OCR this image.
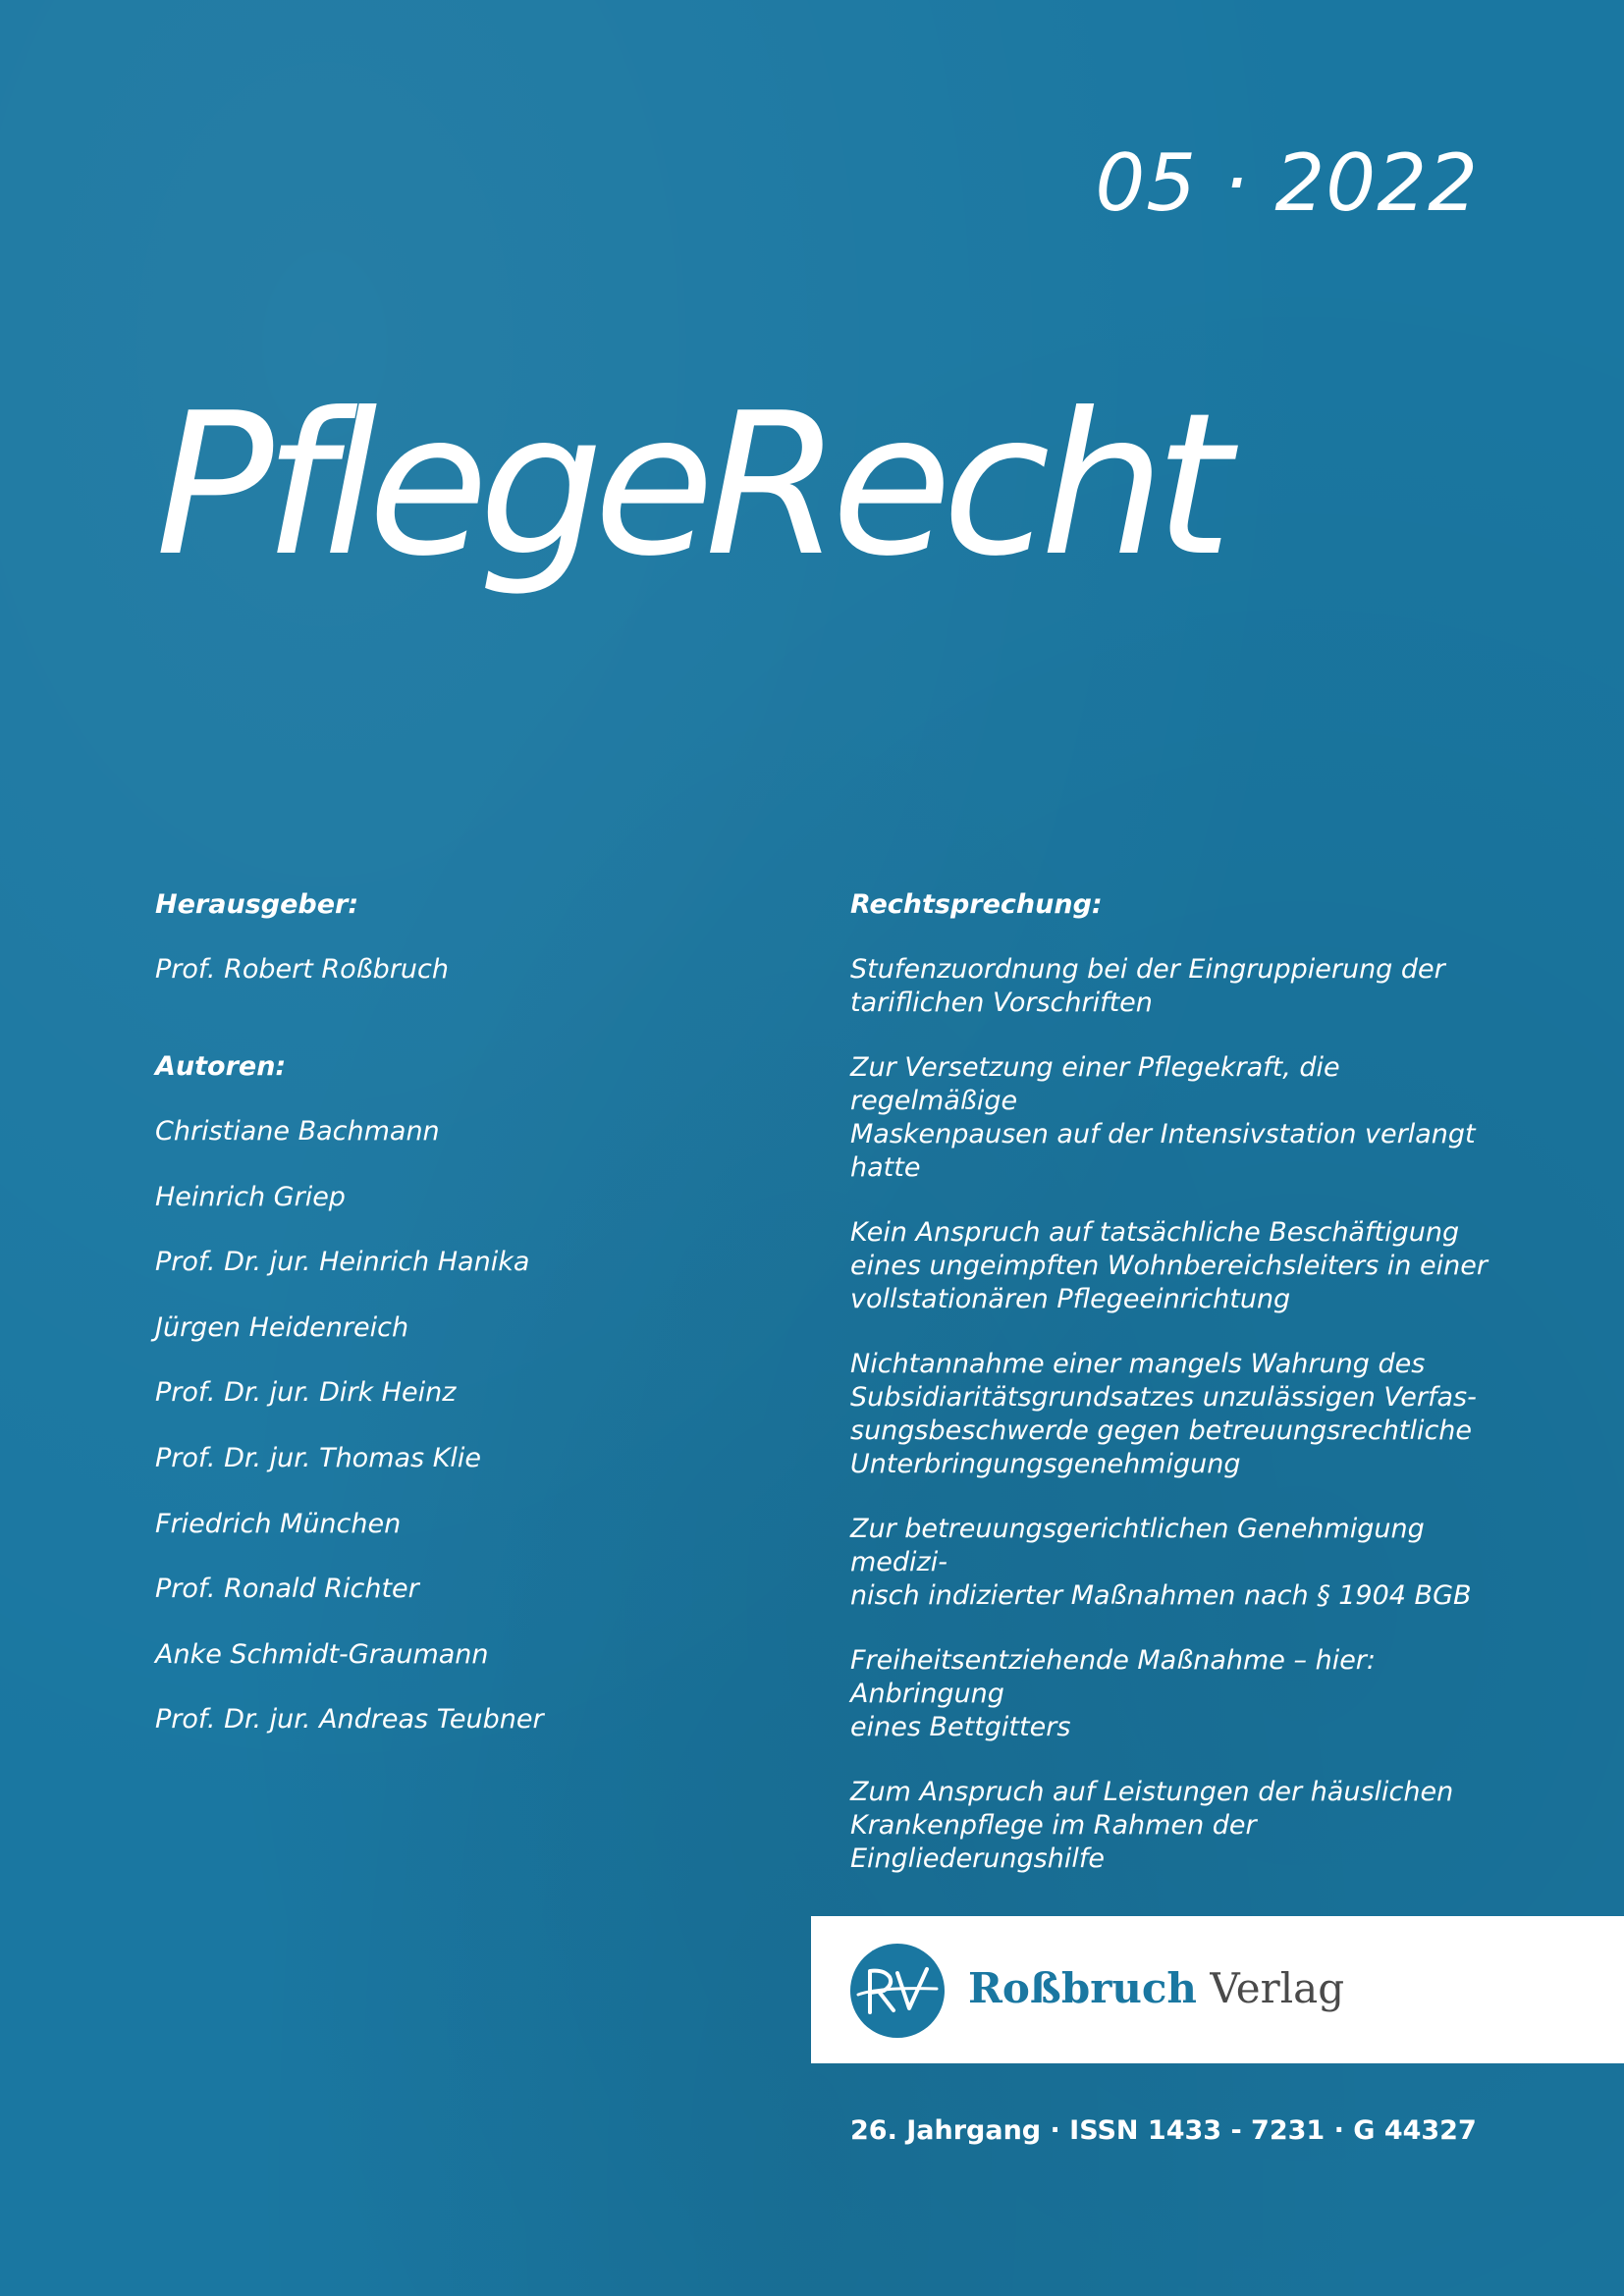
05 · 2022
PflegeRecht

Herausgeber:

Prof. Robert Roßbruch

Autoren:

Christiane Bachmann

Heinrich Griep

Prof. Dr. jur. Heinrich Hanika

Jürgen Heidenreich

Prof. Dr. jur. Dirk Heinz

Prof. Dr. jur. Thomas Klie

Friedrich München

Prof. Ronald Richter

Anke Schmidt-Graumann

Prof. Dr. jur. Andreas Teubner

Rechtsprechung:

Stufenzuordnung bei der Eingruppierung der
tariflichen Vorschriften

Zur Versetzung einer Pflegekraft, die regelmäßige
Maskenpausen auf der Intensivstation verlangt
hatte

Kein Anspruch auf tatsächliche Beschäftigung
eines ungeimpften Wohnbereichsleiters in einer
vollstationären Pflegeeinrichtung

Nichtannahme einer mangels Wahrung des
Subsidiaritätsgrundsatzes unzulässigen Verfas-
sungsbeschwerde gegen betreuungsrechtliche
Unterbringungsgenehmigung

Zur betreuungsgerichtlichen Genehmigung medizi-
nisch indizierter Maßnahmen nach § 1904 BGB

Freiheitsentziehende Maßnahme – hier: Anbringung
eines Bettgitters

Zum Anspruch auf Leistungen der häuslichen
Krankenpflege im Rahmen der Eingliederungshilfe

Roßbruch Verlag
26. Jahrgang · ISSN 1433 - 7231 · G 44327
